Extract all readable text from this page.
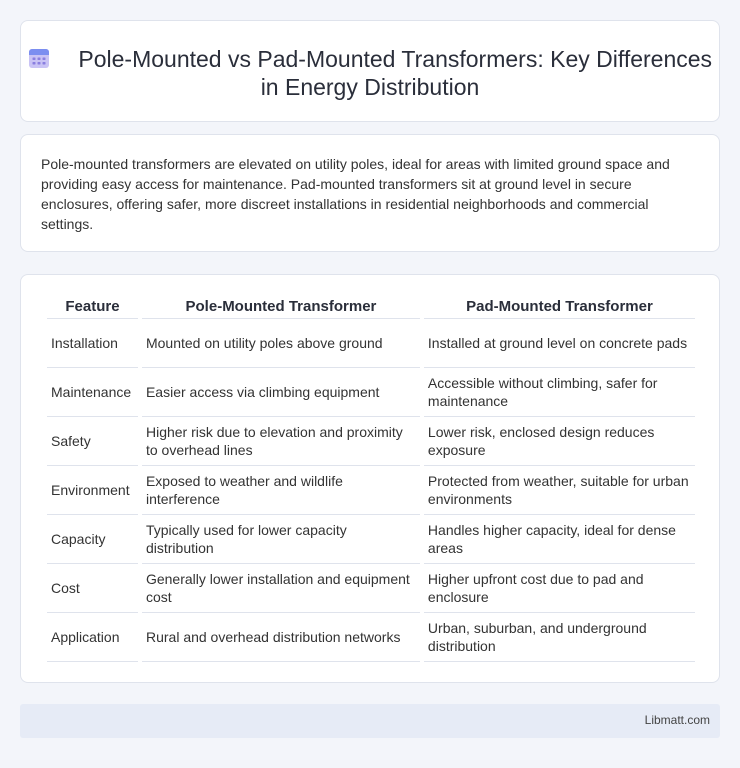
Pole-Mounted vs Pad-Mounted Transformers: Key Differences in Energy Distribution

Pole-mounted transformers are elevated on utility poles, ideal for areas with limited ground space and providing easy access for maintenance. Pad-mounted transformers sit at ground level in secure enclosures, offering safer, more discreet installations in residential neighborhoods and commercial settings.

Feature	Pole-Mounted Transformer	Pad-Mounted Transformer
Installation	Mounted on utility poles above ground	Installed at ground level on concrete pads
Maintenance	Easier access via climbing equipment	Accessible without climbing, safer for maintenance
Safety	Higher risk due to elevation and proximity to overhead lines	Lower risk, enclosed design reduces exposure
Environment	Exposed to weather and wildlife interference	Protected from weather, suitable for urban environments
Capacity	Typically used for lower capacity distribution	Handles higher capacity, ideal for dense areas
Cost	Generally lower installation and equipment cost	Higher upfront cost due to pad and enclosure
Application	Rural and overhead distribution networks	Urban, suburban, and underground distribution
Libmatt.com
